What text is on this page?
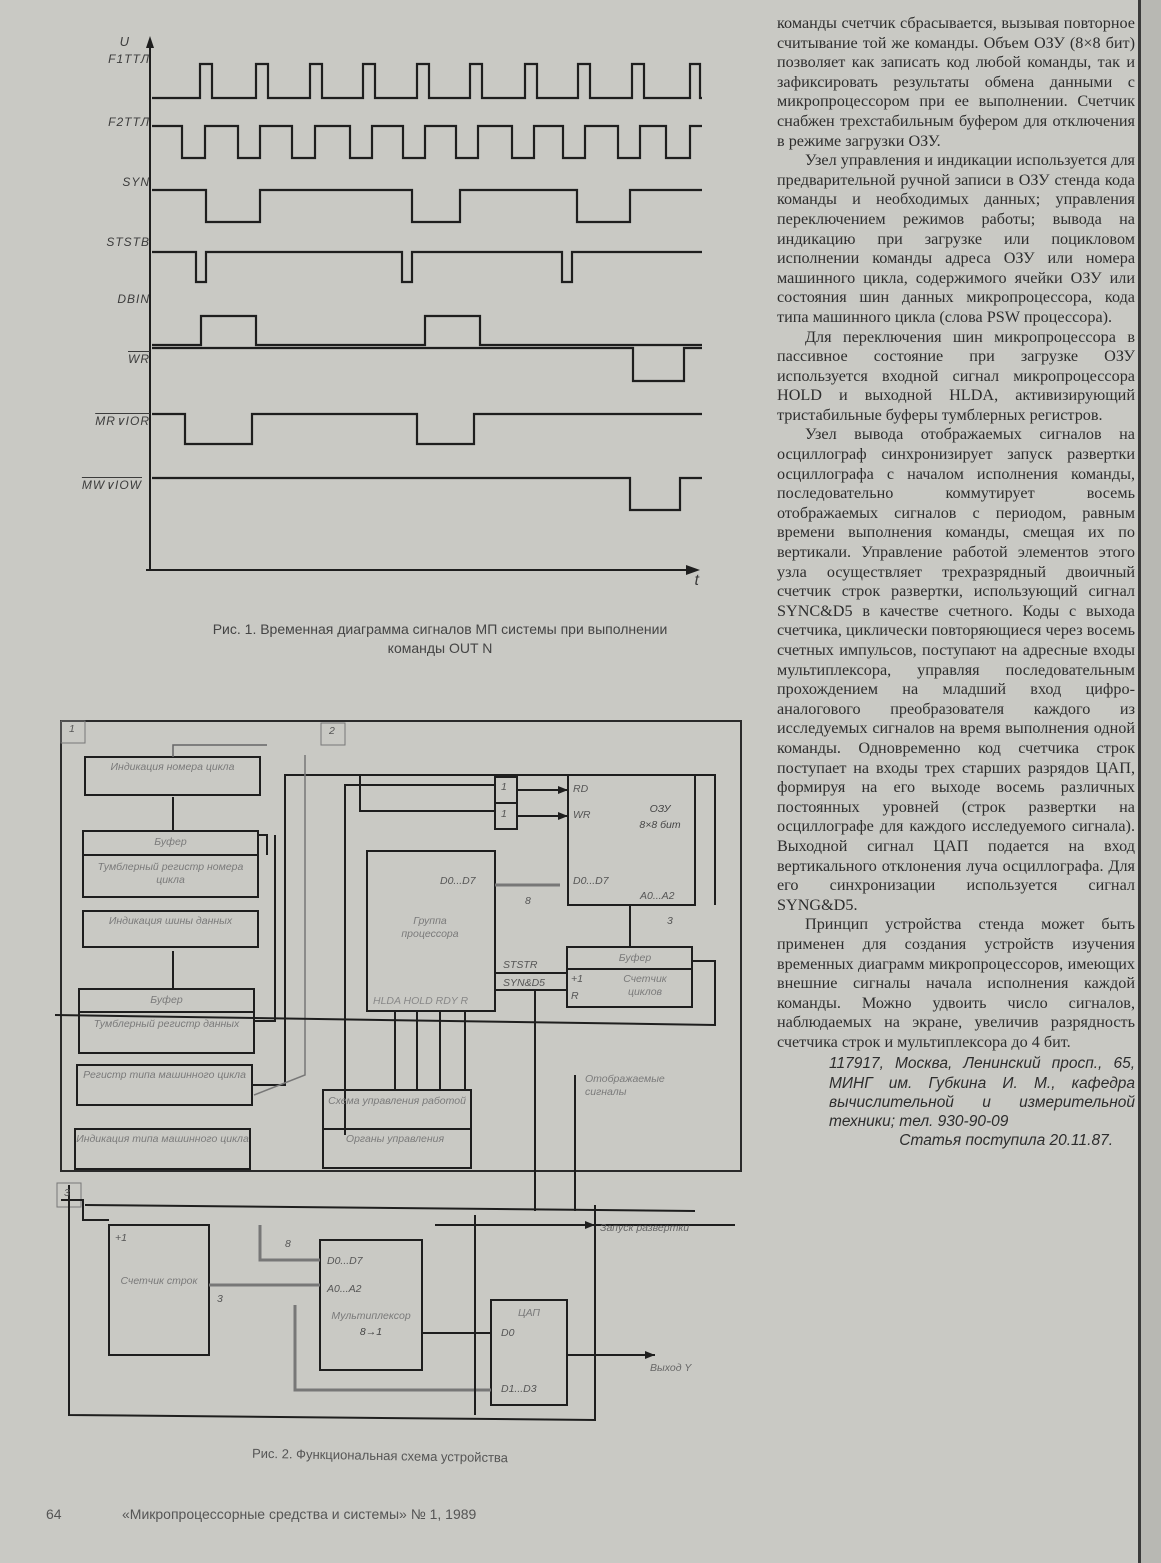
U
t
F1TTЛ
F2TTЛ
SYN
STSTB
DBIN
$\overline{WR}$
MR∨IOR
MW∨IOW
Рис. 1. Временная диаграмма сигналов МП системы при выполнении
команды OUT N
1	2
3
Индикация номера цикла
Буфер
Тумблерный регистр номера цикла
Индикация шины данных
Буфер
Тумблерный регистр данных
Регистр типа машинного цикла
Индикация типа машинного цикла
Группа процессора
ОЗУ
8×8 бит
Буфер
Счетчик циклов
Схема управления работой
Органы управления
Отображаемые сигналы
Счетчик строк
Мультиплексор
8→1
ЦАП
RD
WR
1
1
D0...D7	D0...D7
A0...A2
8
3
STSTR
SYN&D5
HLDA HOLD RDY R
+1
R
+1
D0...D7
A0...A2
8
3
D0
D1...D3
Запуск развертки
Выход Y
Рис. 2. Функциональная схема устройства

команды счетчик сбрасывается, вызывая повторное считывание той же команды. Объем ОЗУ (8×8 бит) позволяет как записать код любой команды, так и зафиксировать результаты обмена данными с микропроцессором при ее выполнении. Счетчик снабжен трехстабильным буфером для отключения в режиме загрузки ОЗУ.

Узел управления и индикации используется для предварительной ручной записи в ОЗУ стенда кода команды и необходимых данных; управления переключением режимов работы; вывода на индикацию при загрузке или поцикловом исполнении команды адреса ОЗУ или номера машинного цикла, содержимого ячейки ОЗУ или состояния шин данных микропроцессора, кода типа машинного цикла (слова PSW процессора).

Для переключения шин микропроцессора в пассивное состояние при загрузке ОЗУ используется входной сигнал микропроцессора HOLD и выходной HLDA, активизирующий тристабильные буферы тумблерных регистров.

Узел вывода отображаемых сигналов на осциллограф синхронизирует запуск развертки осциллографа с началом исполнения команды, последовательно коммутирует восемь отображаемых сигналов с периодом, равным времени выполнения команды, смещая их по вертикали. Управление работой элементов этого узла осуществляет трехразрядный двоичный счетчик строк развертки, использующий сигнал SYNC&D5 в качестве счетного. Коды с выхода счетчика, циклически повторяющиеся через восемь счетных импульсов, поступают на адресные входы мультиплексора, управляя последовательным прохождением на младший вход цифро-аналогового преобразователя каждого из исследуемых сигналов на время выполнения одной команды. Одновременно код счетчика строк поступает на входы трех старших разрядов ЦАП, формируя на его выходе восемь различных постоянных уровней (строк развертки на осциллографе для каждого исследуемого сигнала). Выходной сигнал ЦАП подается на вход вертикального отклонения луча осциллографа. Для его синхронизации используется сигнал SYNG&D5.

Принцип устройства стенда может быть применен для создания устройств изучения временных диаграмм микропроцессоров, имеющих внешние сигналы начала исполнения каждой команды. Можно удвоить число сигналов, наблюдаемых на экране, увеличив разрядность счетчика строк и мультиплексора до 4 бит.

117917, Москва, Ленинский просп., 65, МИНГ им. Губкина И. М., кафедра вычислительной и измерительной техники; тел. 930-90-09
Статья поступила 20.11.87.
64	«Микропроцессорные средства и системы» № 1, 1989
